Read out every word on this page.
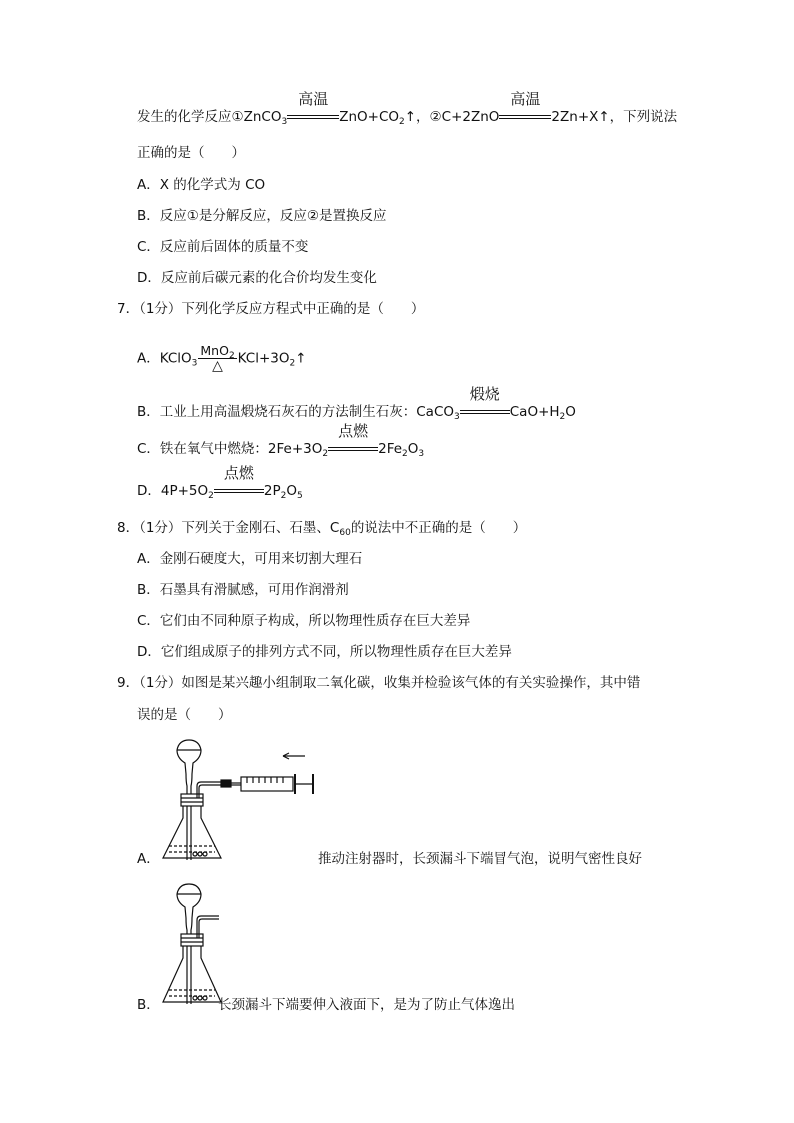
发生的化学反应①ZnCO$_3$
高温
$ZnO+CO_2↑$，②C+2ZnO
高温
2Zn+X↑，下列说法
正确的是（　　）
A．X 的化学式为 CO
B．反应①是分解反应，反应②是置换反应
C．反应前后固体的质量不变
D．反应前后碳元素的化合价均发生变化
7．（1分）下列化学反应方程式中正确的是（　　）
A．KClO$_3$ $\frac{MnO_2}{\triangle}$ $KCl+3O_2↑$
B．工业上用高温煅烧石灰石的方法制生石灰：CaCO$_3$
煅烧
$CaO+H_2O$
C．铁在氧气中燃烧：$2Fe+3O_2$
点燃
$2Fe_2O_3$
D．$4P+5O_2$
点燃
$2P_2O_5$
8．（1分）下列关于金刚石、石墨、$C_{60}$的说法中不正确的是（　　）
A．金刚石硬度大，可用来切割大理石
B．石墨具有滑腻感，可用作润滑剂
C．它们由不同种原子构成，所以物理性质存在巨大差异
D．它们组成原子的排列方式不同，所以物理性质存在巨大差异
9．（1分）如图是某兴趣小组制取二氧化碳，收集并检验该气体的有关实验操作，其中错
误的是（　　）
A．	推动注射器时，长颈漏斗下端冒气泡，说明气密性良好
B．	长颈漏斗下端要伸入液面下，是为了防止气体逸出
